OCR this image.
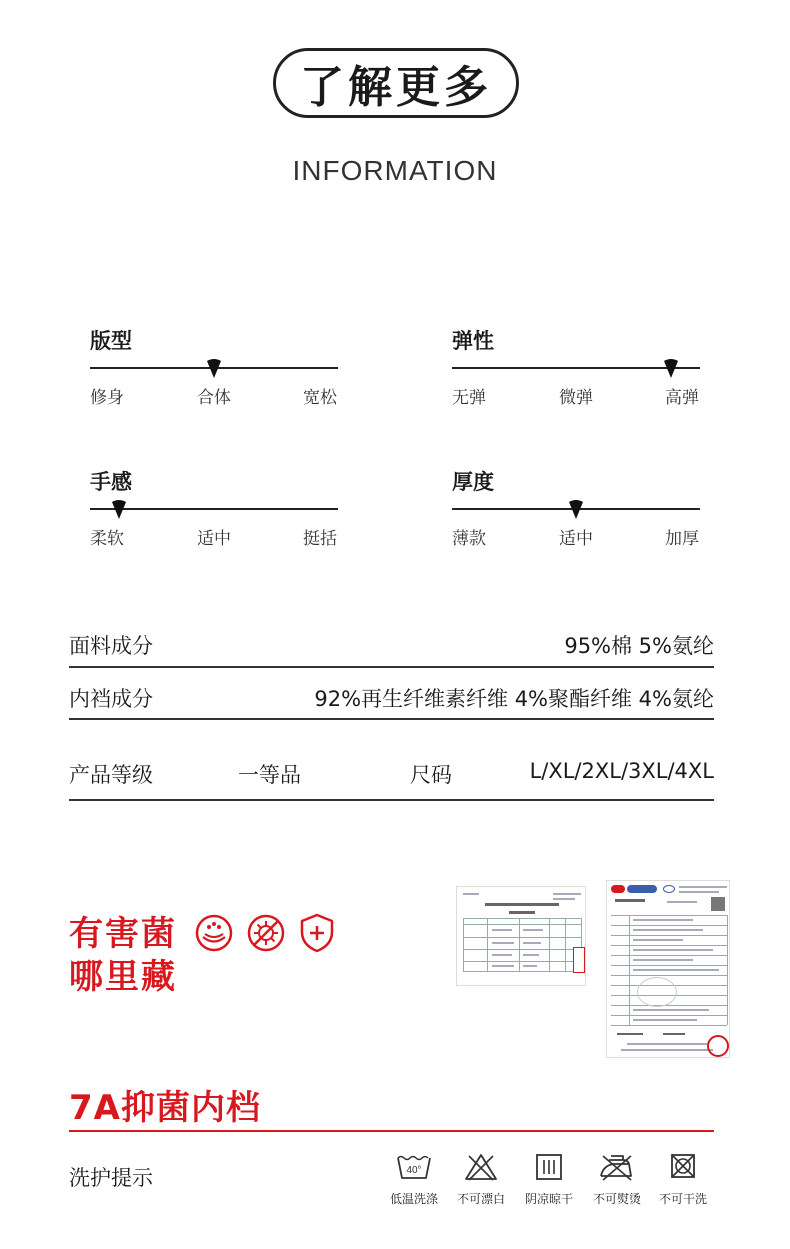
了解更多
INFORMATION
版型
修身	合体	宽松
弹性
无弹	微弹	高弹
手感
柔软	适中	挺括
厚度
薄款	适中	加厚
面料成分	95%棉 5%氨纶
内裆成分	92%再生纤维素纤维 4%聚酯纤维 4%氨纶
产品等级	一等品	尺码	L/XL/2XL/3XL/4XL
有害菌
哪里藏
7A抑菌内档
洗护提示	40°
低温洗涤	不可漂白	阴凉晾干	不可熨烫	不可干洗
